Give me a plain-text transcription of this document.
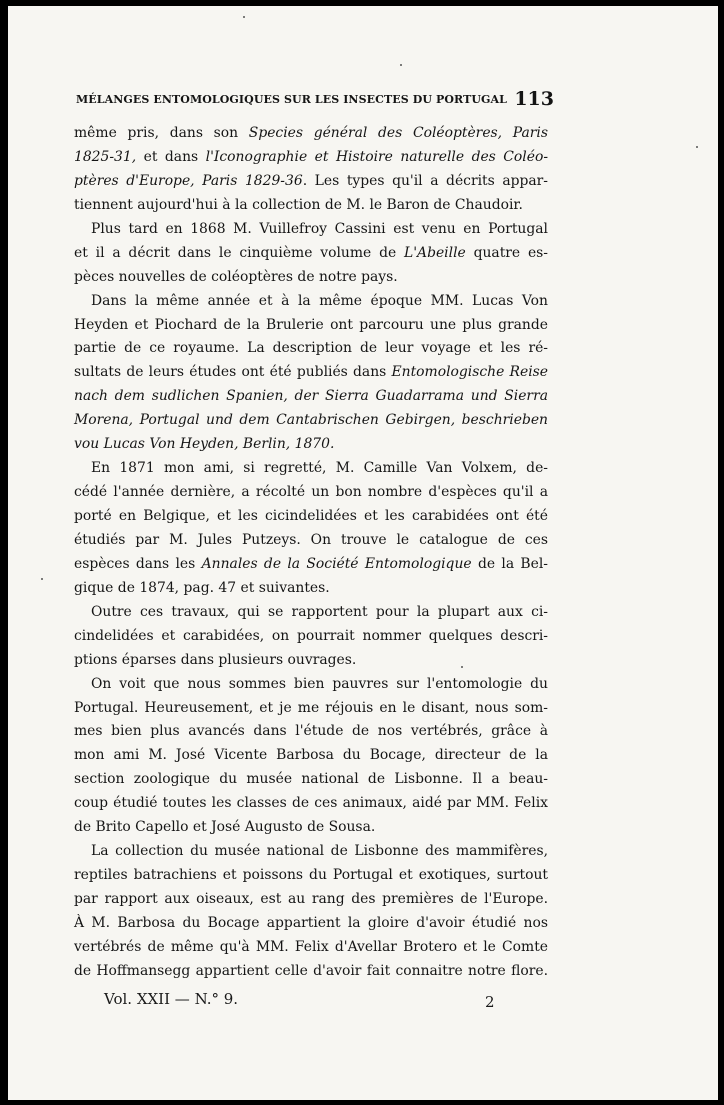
MÉLANGES ENTOMOLOGIQUES SUR LES INSECTES DU PORTUGAL 113
même pris, dans son Species général des Coléoptères, Paris
1825-31, et dans l'Iconographie et Histoire naturelle des Coléo-
ptères d'Europe, Paris 1829-36. Les types qu'il a décrits appar-
tiennent aujourd'hui à la collection de M. le Baron de Chaudoir.
Plus tard en 1868 M. Vuillefroy Cassini est venu en Portugal
et il a décrit dans le cinquième volume de L'Abeille quatre es-
pèces nouvelles de coléoptères de notre pays.
Dans la même année et à la même époque MM. Lucas Von
Heyden et Piochard de la Brulerie ont parcouru une plus grande
partie de ce royaume. La description de leur voyage et les ré-
sultats de leurs études ont été publiés dans Entomologische Reise
nach dem sudlichen Spanien, der Sierra Guadarrama und Sierra
Morena, Portugal und dem Cantabrischen Gebirgen, beschrieben
vou Lucas Von Heyden, Berlin, 1870.
En 1871 mon ami, si regretté, M. Camille Van Volxem, de-
cédé l'année dernière, a récolté un bon nombre d'espèces qu'il a
porté en Belgique, et les cicindelidées et les carabidées ont été
étudiés par M. Jules Putzeys. On trouve le catalogue de ces
espèces dans les Annales de la Société Entomologique de la Bel-
gique de 1874, pag. 47 et suivantes.
Outre ces travaux, qui se rapportent pour la plupart aux ci-
cindelidées et carabidées, on pourrait nommer quelques descri-
ptions éparses dans plusieurs ouvrages.
On voit que nous sommes bien pauvres sur l'entomologie du
Portugal. Heureusement, et je me réjouis en le disant, nous som-
mes bien plus avancés dans l'étude de nos vertébrés, grâce à
mon ami M. José Vicente Barbosa du Bocage, directeur de la
section zoologique du musée national de Lisbonne. Il a beau-
coup étudié toutes les classes de ces animaux, aidé par MM. Felix
de Brito Capello et José Augusto de Sousa.
La collection du musée national de Lisbonne des mammifères,
reptiles batrachiens et poissons du Portugal et exotiques, surtout
par rapport aux oiseaux, est au rang des premières de l'Europe.
À M. Barbosa du Bocage appartient la gloire d'avoir étudié nos
vertébrés de même qu'à MM. Felix d'Avellar Brotero et le Comte
de Hoffmansegg appartient celle d'avoir fait connaitre notre flore.
Vol. XXII — N.° 9.	2
